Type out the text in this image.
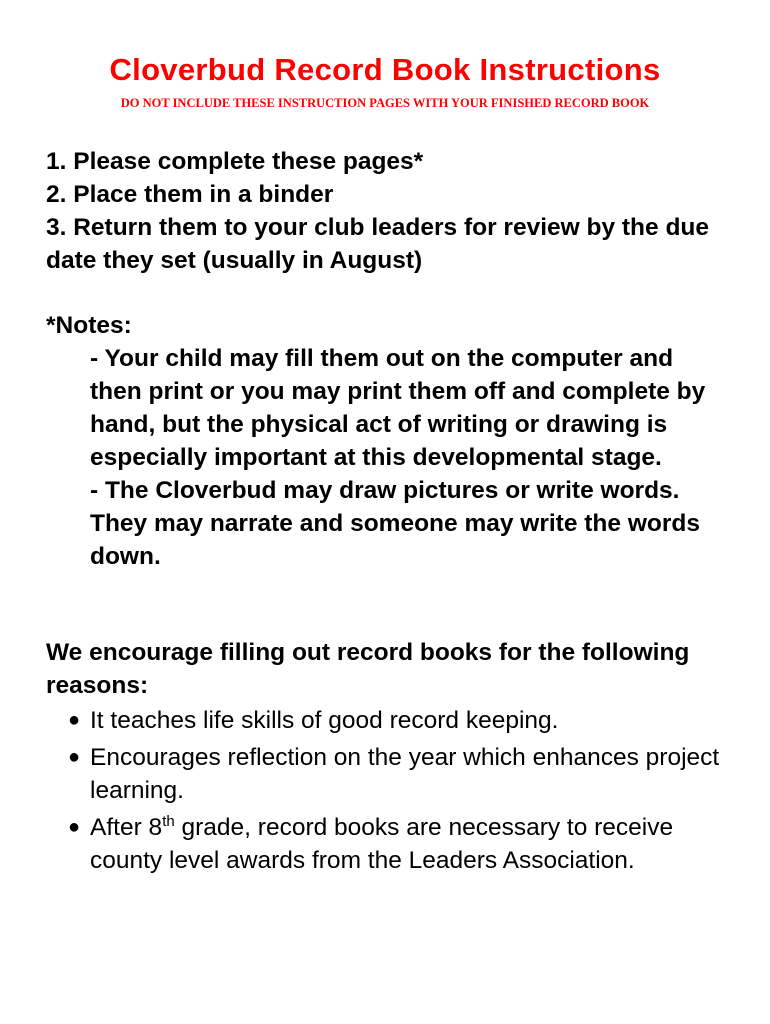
Cloverbud Record Book Instructions
DO NOT INCLUDE THESE INSTRUCTION PAGES WITH YOUR FINISHED RECORD BOOK
1. Please complete these pages*
2. Place them in a binder
3. Return them to your club leaders for review by the due date they set (usually in August)
*Notes:
- Your child may fill them out on the computer and then print or you may print them off and complete by hand, but the physical act of writing or drawing is especially important at this developmental stage.
- The Cloverbud may draw pictures or write words. They may narrate and someone may write the words down.
We encourage filling out record books for the following reasons:
● It teaches life skills of good record keeping.
● Encourages reflection on the year which enhances project learning.
● After 8th grade, record books are necessary to receive county level awards from the Leaders Association.
